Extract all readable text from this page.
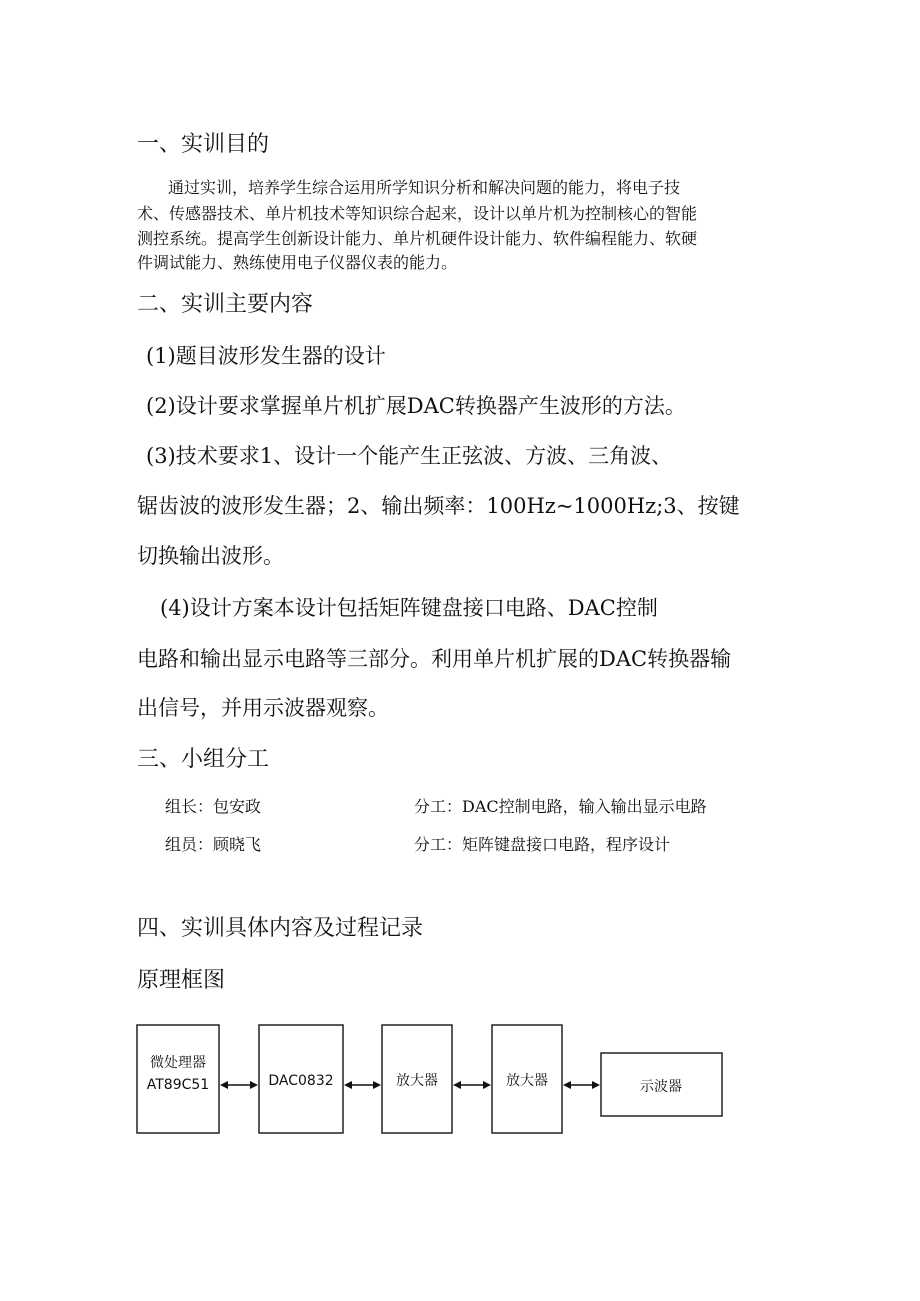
一、实训目的
通过实训，培养学生综合运用所学知识分析和解决问题的能力，将电子技
术、传感器技术、单片机技术等知识综合起来，设计以单片机为控制核心的智能
测控系统。提高学生创新设计能力、单片机硬件设计能力、软件编程能力、软硬
件调试能力、熟练使用电子仪器仪表的能力。
二、实训主要内容
(1)题目波形发生器的设计
(2)设计要求掌握单片机扩展DAC转换器产生波形的方法。
(3)技术要求1、设计一个能产生正弦波、方波、三角波、
锯齿波的波形发生器；2、输出频率：100Hz~1000Hz;3、按键
切换输出波形。
(4)设计方案本设计包括矩阵键盘接口电路、DAC控制
电路和输出显示电路等三部分。利用单片机扩展的DAC转换器输
出信号，并用示波器观察。
三、小组分工
组长：包安政	分工：DAC控制电路，输入输出显示电路
组员：顾晓飞	分工：矩阵键盘接口电路，程序设计
四、实训具体内容及过程记录
原理框图
微处理器
AT89C51	DAC0832	放大器	放大器	示波器
